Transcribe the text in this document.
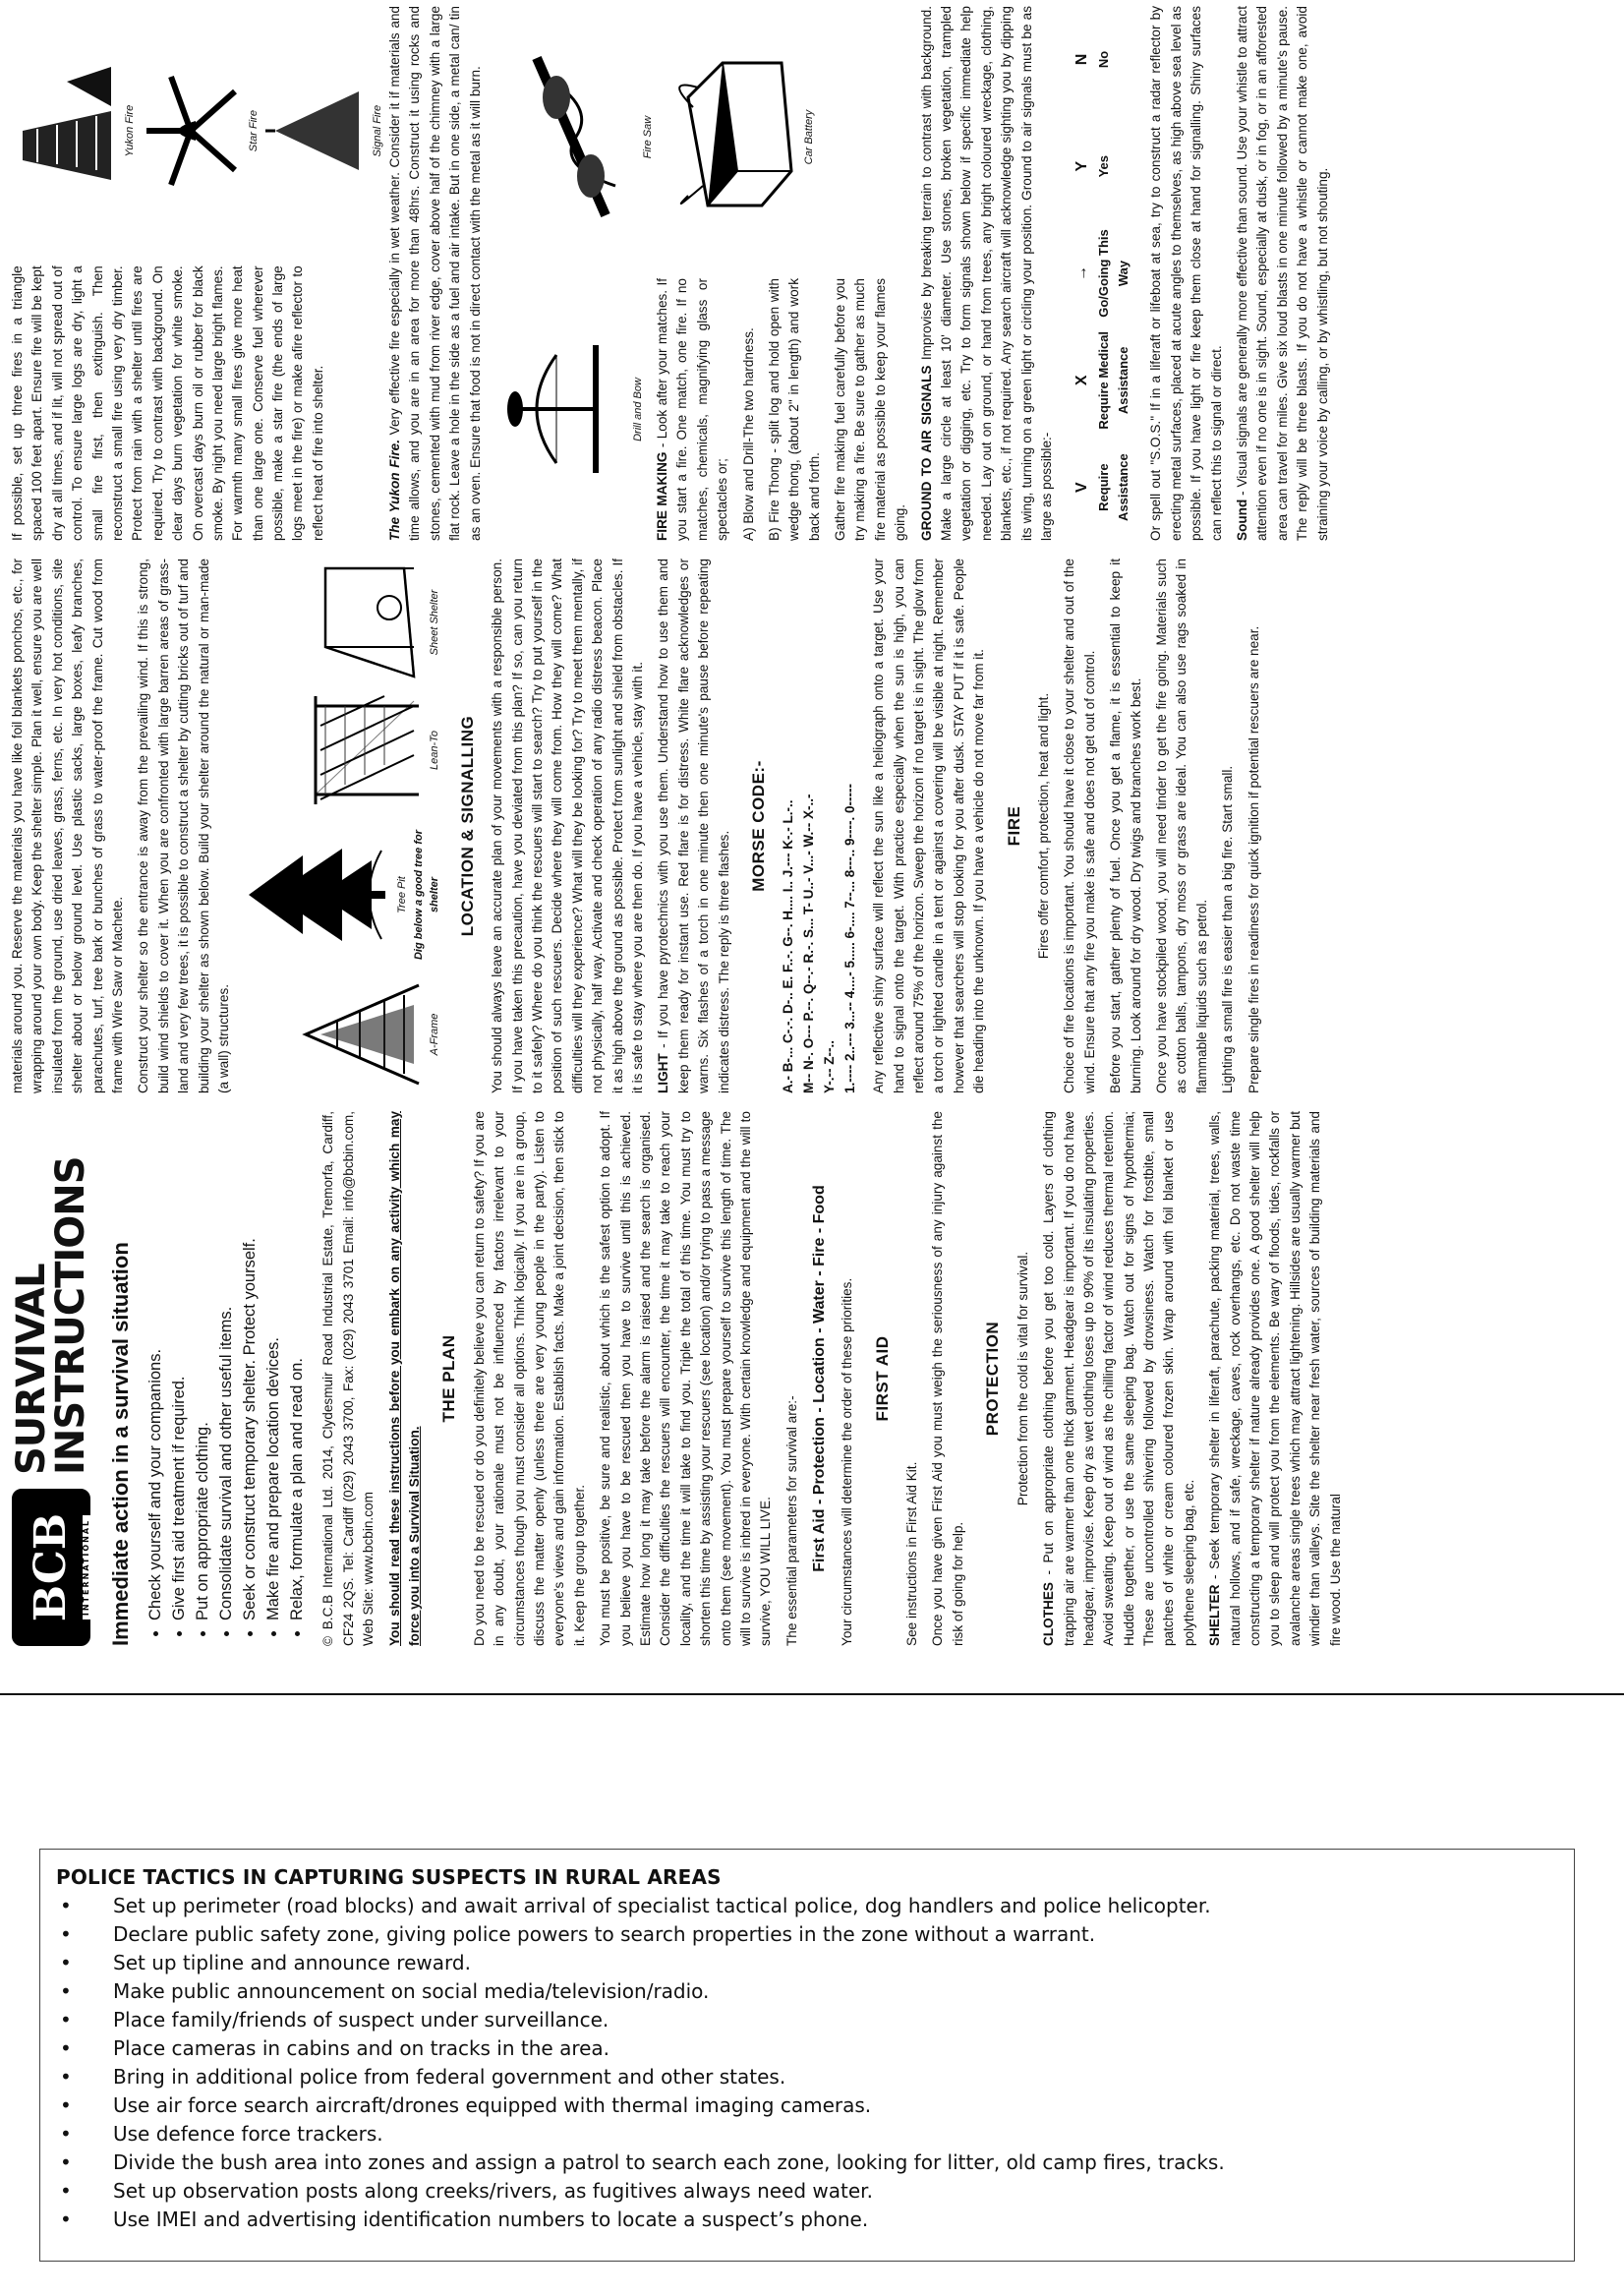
BCB INTERNATIONAL
SURVIVAL
INSTRUCTIONS Immediate action in a survival situation • Check yourself and your companions. • Give first aid treatment if required. • Put on appropriate clothing. • Consolidate survival and other useful items. • Seek or construct temporary shelter. Protect yourself. • Make fire and prepare location devices. • Relax, formulate a plan and read on. © B.C.B International Ltd. 2014, Clydesmuir Road Industrial Estate, Tremorfa, Cardiff, CF24 2QS. Tel: Cardiff (029) 2043 3700, Fax: (029) 2043 3701 Email: info@bcbin.com, Web Site: www.bcbin.com You should read these instructions before you embark on any activity which may force you into a Survival Situation.

THE PLAN Do you need to be rescued or do you definitely believe you can return to safety? If you are in any doubt, your rationale must not be influenced by factors irrelevant to your circumstances though you must consider all options. Think logically. If you are in a group, discuss the matter openly (unless there are very young people in the party). Listen to everyone's views and gain information. Establish facts. Make a joint decision, then stick to it. Keep the group together. You must be positive, be sure and realistic, about which is the safest option to adopt. If you believe you have to be rescued then you have to survive until this is achieved. Estimate how long it may take before the alarm is raised and the search is organised. Consider the difficulties the rescuers will encounter, the time it may take to reach your locality, and the time it will take to find you. Triple the total of this time. You must try to shorten this time by assisting your rescuers (see location) and/or trying to pass a message onto them (see movement). You must prepare yourself to survive this length of time. The will to survive is inbred in everyone. With certain knowledge and equipment and the will to survive, YOU WILL LIVE. The essential parameters for survival are:- First Aid - Protection - Location - Water - Fire - Food Your circumstances will determine the order of these priorities. FIRST AID

See instructions in First Aid Kit. Once you have given First Aid you must weigh the seriousness of any injury against the risk of going for help.

PROTECTION Protection from the cold is vital for survival.

CLOTHES - Put on appropriate clothing before you get too cold. Layers of clothing trapping air are warmer than one thick garment. Headgear is important. If you do not have headgear, improvise. Keep dry as wet clothing loses up to 90% of its insulating properties. Avoid sweating. Keep out of wind as the chilling factor of wind reduces thermal retention. Huddle together, or use the same sleeping bag. Watch out for signs of hypothermia; These are uncontrolled shivering followed by drowsiness. Watch for frostbite, small patches of white or cream coloured frozen skin. Wrap around with foil blanket or use polythene sleeping bag, etc. SHELTER - Seek temporary shelter in liferaft, parachute, packing material, trees, walls, natural hollows, and if safe, wreckage, caves, rock overhangs, etc. Do not waste time constructing a temporary shelter if nature already provides one. A good shelter will help you to sleep and will protect you from the elements. Be wary of floods, tides, rockfalls or avalanche areas single trees which may attract lightening. Hillsides are usually warmer but windier than valleys. Site the shelter near fresh water, sources of building materials and fire wood. Use the natural

materials around you. Reserve the materials you have like foil blankets ponchos, etc., for wrapping around your own body. Keep the shelter simple. Plan it well, ensure you are well insulated from the ground, use dried leaves, grass, ferns, etc. In very hot conditions, site shelter about or below ground level. Use plastic sacks, large boxes, leafy branches, parachutes, turf, tree bark or bunches of grass to water-proof the frame. Cut wood from frame with Wire Saw or Machete. Construct your shelter so the entrance is away from the prevailing wind. If this is strong, build wind shields to cover it. When you are confronted with large barren areas of grass-land and very few trees, it is possible to construct a shelter by cutting bricks out of turf and building your shelter as shown below. Build your shelter around the natural or man-made (a wall) structures.	A-Frame
Tree Pit Dig below a good tree for shelter
Lean-To
Sheet Shelter
LOCATION & SIGNALLING You should always leave an accurate plan of your movements with a responsible person. If you have taken this precaution, have you deviated from this plan? If so, can you return to it safely? Where do you think the rescuers will start to search? Try to put yourself in the position of such rescuers. Decide where they will come from. How they will come? What difficulties will they experience? What will they be looking for? Try to meet them mentally, if not physically, half way. Activate and check operation of any radio distress beacon. Place it as high above the ground as possible. Protect from sunlight and shield from obstacles. If it is safe to stay where you are then do. If you have a vehicle, stay with it. LIGHT - If you have pyrotechnics with you use them. Understand how to use them and keep them ready for instant use. Red flare is for distress. White flare acknowledges or warns. Six flashes of a torch in one minute then one minute's pause before repeating indicates distress. The reply is three flashes.

MORSE CODE:- A.- B-... C-.-. D-.. E. F..-. G--. H.... I.. J.--- K-.- L.-.. M-- N-. O--- P.--. Q--.- R.-. S... T- U..- V...- W.-- X-..- Y-.-- Z--.. 1.---- 2..--- 3...-- 4....- 5..... 6-.... 7--... 8---.. 9----. 0----- Any reflective shiny surface will reflect the sun like a heliograph onto a target. Use your hand to signal onto the target. With practice especially when the sun is high, you can reflect around 75% of the horizon. Sweep the horizon if no target is in sight. The glow from a torch or lighted candle in a tent or against a covering will be visible at night. Remember however that searchers will stop looking for you after dusk. STAY PUT if it is safe. People die heading into the unknown. If you have a vehicle do not move far from it. FIRE Fires offer comfort, protection, heat and light. Choice of fire locations is important. You should have it close to your shelter and out of the wind. Ensure that any fire you make is safe and does not get out of control. Before you start, gather plenty of fuel. Once you get a flame, it is essential to keep it burning. Look around for dry wood. Dry twigs and branches work best. Once you have stockpiled wood, you will need tinder to get the fire going. Materials such as cotton balls, tampons, dry moss or grass are ideal. You can also use rags soaked in flammable liquids such as petrol. Lighting a small fire is easier than a big fire. Start small. Prepare single fires in readiness for quick ignition if potential rescuers are near.

If possible, set up three fires in a triangle spaced 100 feet apart. Ensure fire will be kept dry at all times, and if lit, will not spread out of control. To ensure large logs are dry, light a small fire first, then extinguish. Then reconstruct a small fire using very dry timber. Protect from rain with a shelter until fires are required. Try to contrast with background. On clear days burn vegetation for white smoke. On overcast days burn oil or rubber for black smoke. By night you need large bright flames. For warmth many small fires give more heat than one large one. Conserve fuel wherever possible, make a star fire (the ends of large logs meet in the fire) or make afire reflector to reflect heat of fire into shelter.

Yukon Fire	Star Fire	Signal Fire

The Yukon Fire. Very effective fire especially in wet weather. Consider it if materials and time allows, and you are in an area for more than 48hrs. Construct it using rocks and stones, cemented with mud from river edge, cover above half of the chimney with a large flat rock. Leave a hole in the side as a fuel and air intake. But in one side, a metal can/ tin as an oven. Ensure that food is not in direct contact with the metal as it will burn.	Drill and Bow

FIRE MAKING - Look after your matches. If you start a fire. One match, one fire. If no matches, chemicals, magnifying glass or spectacles or; A) Blow and Drill-The two hardness. B) Fire Thong - split log and hold open with wedge thong, (about 2" in length) and work back and forth. Gather fire making fuel carefully before you try making a fire. Be sure to gather as much fire material as possible to keep your flames going.

Fire Saw	Car Battery

GROUND TO AIR SIGNALS Improvise by breaking terrain to contrast with background. Make a large circle at least 10' diameter. Use stones, broken vegetation, trampled vegetation or digging, etc. Try to form signals shown below if specific immediate help needed. Lay out on ground, or hand from trees, any bright coloured wreckage, clothing, blankets, etc., if not required. Any search aircraft will acknowledge sighting you by dipping its wing, turning on a green light or circling your position. Ground to air signals must be as large as possible:- V Require Assistance
X Require Medical Assistance
→ Go/Going This Way
Y Yes
N No	Or spell out "S.O.S." If in a liferaft or lifeboat at sea, try to construct a radar reflector by erecting metal surfaces, placed at acute angles to themselves, as high above sea level as possible. If you have light or fire keep them close at hand for signalling. Shiny surfaces can reflect this to signal or direct. Sound - Visual signals are generally more effective than sound. Use your whistle to attract attention even if no one is in sight. Sound, especially at dusk, or in fog, or in an afforested area can travel for miles. Give six loud blasts in one minute followed by a minute's pause. The reply will be three blasts. If you do not have a whistle or cannot make one, avoid straining your voice by calling, or by whistling, but not shouting.

POLICE TACTICS IN CAPTURING SUSPECTS IN RURAL AREAS
•	Set up perimeter (road blocks) and await arrival of specialist tactical police, dog handlers and police helicopter.
•	Declare public safety zone, giving police powers to search properties in the zone without a warrant.
•	Set up tipline and announce reward.
•	Make public announcement on social media/television/radio.
•	Place family/friends of suspect under surveillance.
•	Place cameras in cabins and on tracks in the area.
•	Bring in additional police from federal government and other states.
•	Use air force search aircraft/drones equipped with thermal imaging cameras.
•	Use defence force trackers.
•	Divide the bush area into zones and assign a patrol to search each zone, looking for litter, old camp fires, tracks.
•	Set up observation posts along creeks/rivers, as fugitives always need water.
•	Use IMEI and advertising identification numbers to locate a suspect’s phone.
